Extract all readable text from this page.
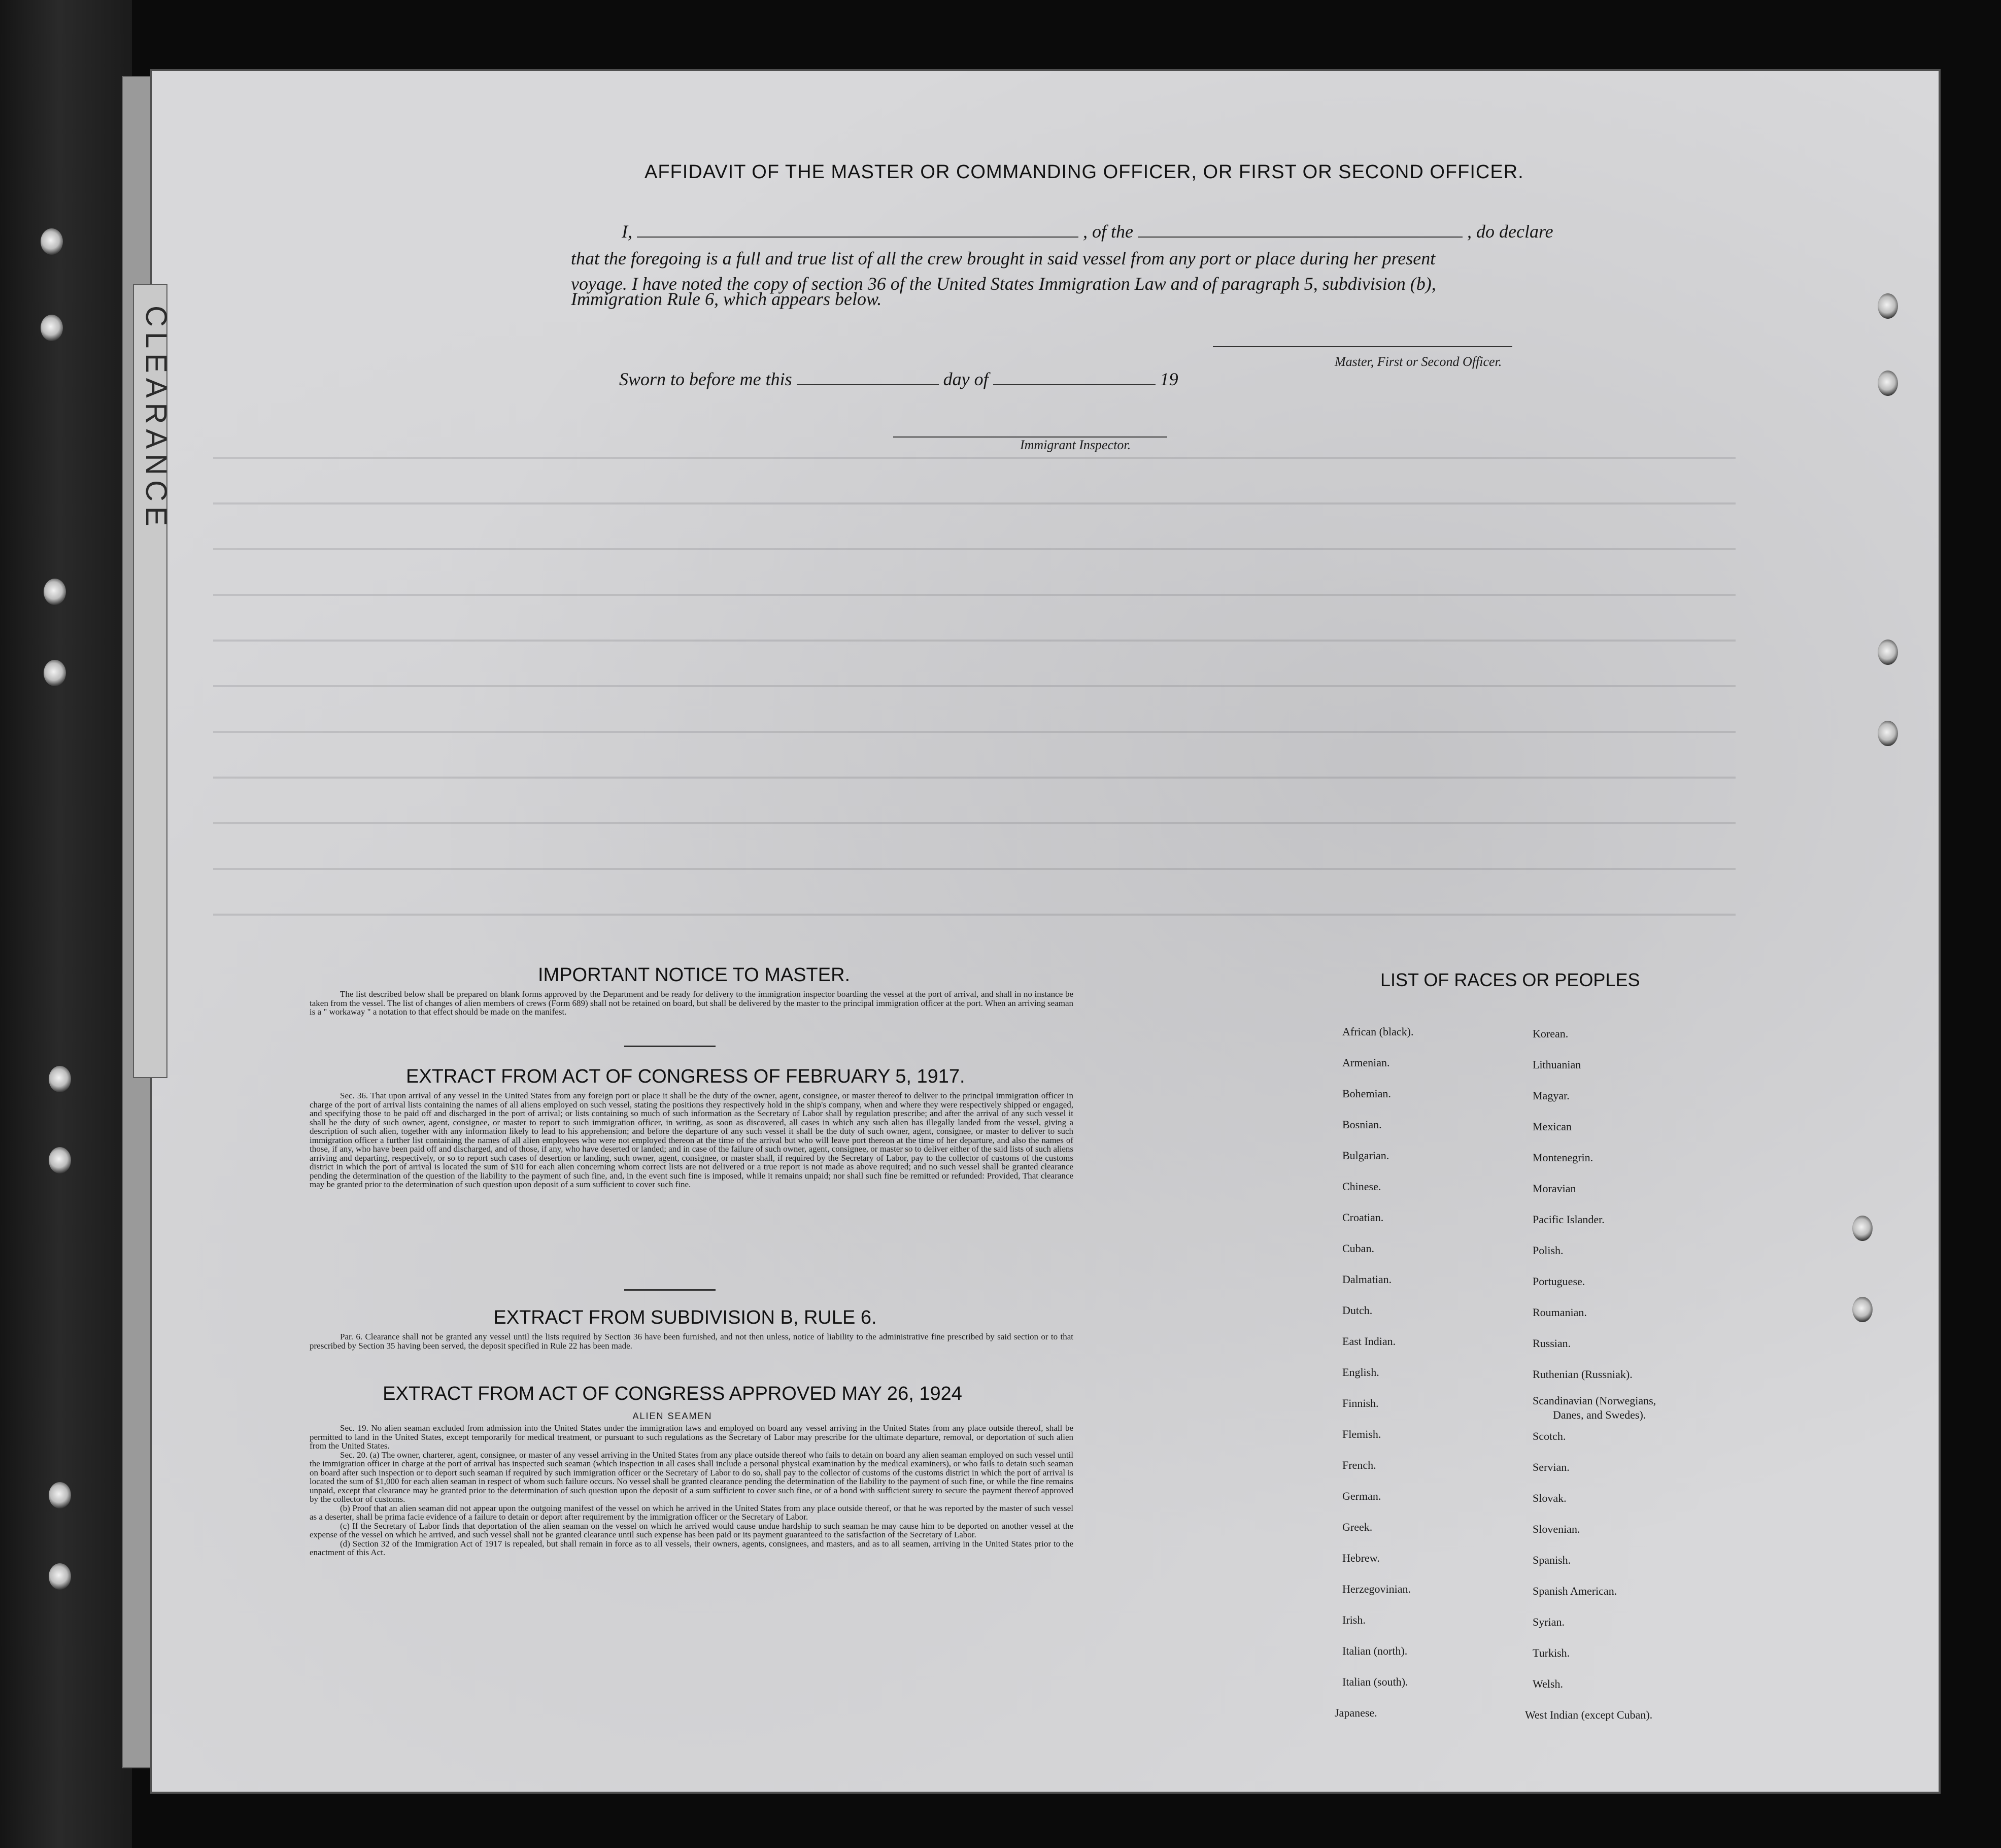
CLEARANCE
AFFIDAVIT OF THE MASTER OR COMMANDING OFFICER, OR FIRST OR SECOND OFFICER.
I,	, of the	, do declare
that the foregoing is a full and true list of all the crew brought in said vessel from any port or place during her present
voyage. I have noted the copy of section 36 of the United States Immigration Law and of paragraph 5, subdivision (b),
Immigration Rule 6, which appears below.
Master, First or Second Officer.
Sworn to before me this	day of	19
Immigrant Inspector.
IMPORTANT NOTICE TO MASTER.

The list described below shall be prepared on blank forms approved by the Department and be ready for delivery to the immigration inspector boarding the vessel at the port of arrival, and shall in no instance be taken from the vessel. The list of changes of alien members of crews (Form 689) shall not be retained on board, but shall be delivered by the master to the principal immigration officer at the port. When an arriving seaman is a " workaway " a notation to that effect should be made on the manifest.

EXTRACT FROM ACT OF CONGRESS OF FEBRUARY 5, 1917.

Sec. 36. That upon arrival of any vessel in the United States from any foreign port or place it shall be the duty of the owner, agent, consignee, or master thereof to deliver to the principal immigration officer in charge of the port of arrival lists containing the names of all aliens employed on such vessel, stating the positions they respectively hold in the ship's company, when and where they were respectively shipped or engaged, and specifying those to be paid off and discharged in the port of arrival; or lists containing so much of such information as the Secretary of Labor shall by regulation prescribe; and after the arrival of any such vessel it shall be the duty of such owner, agent, consignee, or master to report to such immigration officer, in writing, as soon as discovered, all cases in which any such alien has illegally landed from the vessel, giving a description of such alien, together with any information likely to lead to his apprehension; and before the departure of any such vessel it shall be the duty of such owner, agent, consignee, or master to deliver to such immigration officer a further list containing the names of all alien employees who were not employed thereon at the time of the arrival but who will leave port thereon at the time of her departure, and also the names of those, if any, who have been paid off and discharged, and of those, if any, who have deserted or landed; and in case of the failure of such owner, agent, consignee, or master so to deliver either of the said lists of such aliens arriving and departing, respectively, or so to report such cases of desertion or landing, such owner, agent, consignee, or master shall, if required by the Secretary of Labor, pay to the collector of customs of the customs district in which the port of arrival is located the sum of $10 for each alien concerning whom correct lists are not delivered or a true report is not made as above required; and no such vessel shall be granted clearance pending the determination of the question of the liability to the payment of such fine, and, in the event such fine is imposed, while it remains unpaid; nor shall such fine be remitted or refunded: Provided, That clearance may be granted prior to the determination of such question upon deposit of a sum sufficient to cover such fine.

EXTRACT FROM SUBDIVISION B, RULE 6.

Par. 6. Clearance shall not be granted any vessel until the lists required by Section 36 have been furnished, and not then unless, notice of liability to the administrative fine prescribed by said section or to that prescribed by Section 35 having been served, the deposit specified in Rule 22 has been made.

EXTRACT FROM ACT OF CONGRESS APPROVED MAY 26, 1924
ALIEN SEAMEN

Sec. 19. No alien seaman excluded from admission into the United States under the immigration laws and employed on board any vessel arriving in the United States from any place outside thereof, shall be permitted to land in the United States, except temporarily for medical treatment, or pursuant to such regulations as the Secretary of Labor may prescribe for the ultimate departure, removal, or deportation of such alien from the United States.

Sec. 20. (a) The owner, charterer, agent, consignee, or master of any vessel arriving in the United States from any place outside thereof who fails to detain on board any alien seaman employed on such vessel until the immigration officer in charge at the port of arrival has inspected such seaman (which inspection in all cases shall include a personal physical examination by the medical examiners), or who fails to detain such seaman on board after such inspection or to deport such seaman if required by such immigration officer or the Secretary of Labor to do so, shall pay to the collector of customs of the customs district in which the port of arrival is located the sum of $1,000 for each alien seaman in respect of whom such failure occurs. No vessel shall be granted clearance pending the determination of the liability to the payment of such fine, or while the fine remains unpaid, except that clearance may be granted prior to the determination of such question upon the deposit of a sum sufficient to cover such fine, or of a bond with sufficient surety to secure the payment thereof approved by the collector of customs.

(b) Proof that an alien seaman did not appear upon the outgoing manifest of the vessel on which he arrived in the United States from any place outside thereof, or that he was reported by the master of such vessel as a deserter, shall be prima facie evidence of a failure to detain or deport after requirement by the immigration officer or the Secretary of Labor.

(c) If the Secretary of Labor finds that deportation of the alien seaman on the vessel on which he arrived would cause undue hardship to such seaman he may cause him to be deported on another vessel at the expense of the vessel on which he arrived, and such vessel shall not be granted clearance until such expense has been paid or its payment guaranteed to the satisfaction of the Secretary of Labor.

(d) Section 32 of the Immigration Act of 1917 is repealed, but shall remain in force as to all vessels, their owners, agents, consignees, and masters, and as to all seamen, arriving in the United States prior to the enactment of this Act.

LIST OF RACES OR PEOPLES
African (black).
Armenian.
Bohemian.
Bosnian.
Bulgarian.
Chinese.
Croatian.
Cuban.
Dalmatian.
Dutch.
East Indian.
English.
Finnish.
Flemish.
French.
German.
Greek.
Hebrew.
Herzegovinian.
Irish.
Italian (north).
Italian (south).
Japanese.
Korean.
Lithuanian
Magyar.
Mexican
Montenegrin.
Moravian
Pacific Islander.
Polish.
Portuguese.
Roumanian.
Russian.
Ruthenian (Russniak).
Scandinavian (Norwegians,
Danes, and Swedes).
Scotch.
Servian.
Slovak.
Slovenian.
Spanish.
Spanish American.
Syrian.
Turkish.
Welsh.
West Indian (except Cuban).
